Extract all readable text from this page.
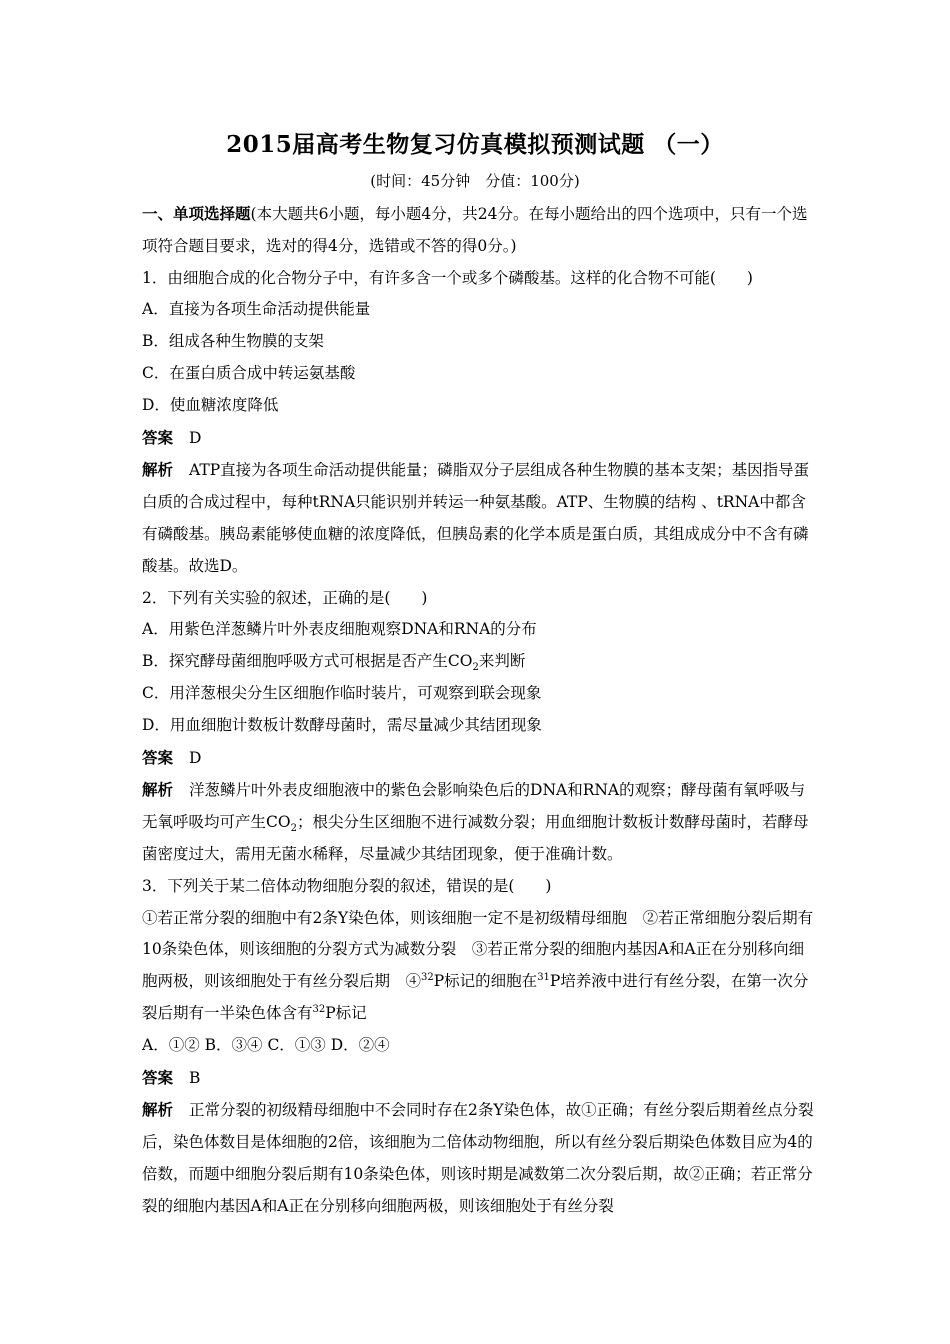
2015届高考生物复习仿真模拟预测试题 （一）
(时间：45分钟　分值：100分)

一、单项选择题(本大题共6小题，每小题4分，共24分。在每小题给出的四个选项中，只有一个选项符合题目要求，选对的得4分，选错或不答的得0分。)

1．由细胞合成的化合物分子中，有许多含一个或多个磷酸基。这样的化合物不可能(　　)

A．直接为各项生命活动提供能量

B．组成各种生物膜的支架

C．在蛋白质合成中转运氨基酸

D．使血糖浓度降低

答案 D

解析 ATP直接为各项生命活动提供能量；磷脂双分子层组成各种生物膜的基本支架；基因指导蛋白质的合成过程中，每种tRNA只能识别并转运一种氨基酸。ATP、生物膜的结构 、tRNA中都含有磷酸基。胰岛素能够使血糖的浓度降低，但胰岛素的化学本质是蛋白质，其组成成分中不含有磷酸基。故选D。

2．下列有关实验的叙述，正确的是(　　)

A．用紫色洋葱鳞片叶外表皮细胞观察DNA和RNA的分布

B．探究酵母菌细胞呼吸方式可根据是否产生$CO_2$来判断

C．用洋葱根尖分生区细胞作临时装片，可观察到联会现象

D．用血细胞计数板计数酵母菌时，需尽量减少其结团现象

答案 D

解析 洋葱鳞片叶外表皮细胞液中的紫色会影响染色后的DNA和RNA的观察；酵母菌有氧呼吸与无氧呼吸均可产生$CO_2$；根尖分生区细胞不进行减数分裂；用血细胞计数板计数酵母菌时，若酵母菌密度过大，需用无菌水稀释，尽量减少其结团现象，便于准确计数。

3．下列关于某二倍体动物细胞分裂的叙述，错误的是(　　)

①若正常分裂的细胞中有2条Y染色体，则该细胞一定不是初级精母细胞　②若正常细胞分裂后期有10条染色体，则该细胞的分裂方式为减数分裂　③若正常分裂的细胞内基因A和A正在分别移向细胞两极，则该细胞处于有丝分裂后期　④$^{32}$P标记的细胞在$^{31}$P培养液中进行有丝分裂，在第一次分裂后期有一半染色体含有$^{32}$P标记

A．①② B．③④ C．①③ D．②④

答案 B

解析 正常分裂的初级精母细胞中不会同时存在2条Y染色体，故①正确；有丝分裂后期着丝点分裂后，染色体数目是体细胞的2倍，该细胞为二倍体动物细胞，所以有丝分裂后期染色体数目应为4的倍数，而题中细胞分裂后期有10条染色体，则该时期是减数第二次分裂后期，故②正确；若正常分裂的细胞内基因A和A正在分别移向细胞两极，则该细胞处于有丝分裂
